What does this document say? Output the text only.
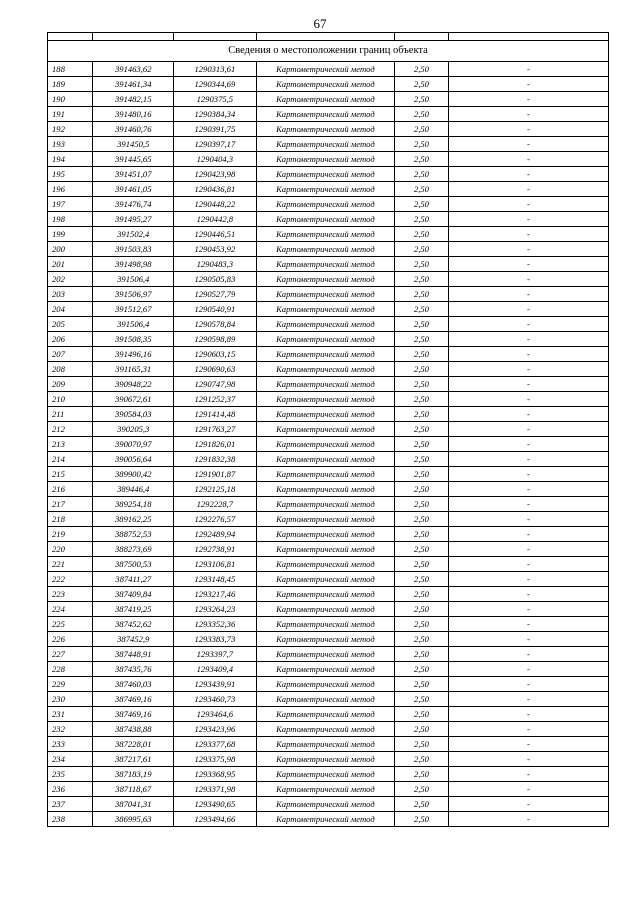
67

Сведения о местоположении границ объекта					
188	391463,62	1290313,61	Картометрический метод	2,50	-
189	391461,34	1290344,69	Картометрический метод	2,50	-
190	391482,15	1290375,5	Картометрический метод	2,50	-
191	391480,16	1290384,34	Картометрический метод	2,50	-
192	391460,76	1290391,75	Картометрический метод	2,50	-
193	391450,5	1290397,17	Картометрический метод	2,50	-
194	391445,65	1290404,3	Картометрический метод	2,50	-
195	391451,07	1290423,98	Картометрический метод	2,50	-
196	391461,05	1290436,81	Картометрический метод	2,50	-
197	391476,74	1290448,22	Картометрический метод	2,50	-
198	391495,27	1290442,8	Картометрический метод	2,50	-
199	391502,4	1290446,51	Картометрический метод	2,50	-
200	391503,83	1290453,92	Картометрический метод	2,50	-
201	391498,98	1290483,3	Картометрический метод	2,50	-
202	391506,4	1290505,83	Картометрический метод	2,50	-
203	391506,97	1290527,79	Картометрический метод	2,50	-
204	391512,67	1290540,91	Картометрический метод	2,50	-
205	391506,4	1290578,84	Картометрический метод	2,50	-
206	391508,35	1290598,89	Картометрический метод	2,50	-
207	391496,16	1290603,15	Картометрический метод	2,50	-
208	391165,31	1290690,63	Картометрический метод	2,50	-
209	390948,22	1290747,98	Картометрический метод	2,50	-
210	390672,61	1291252,37	Картометрический метод	2,50	-
211	390584,03	1291414,48	Картометрический метод	2,50	-
212	390205,3	1291763,27	Картометрический метод	2,50	-
213	390070,97	1291826,01	Картометрический метод	2,50	-
214	390056,64	1291832,38	Картометрический метод	2,50	-
215	389900,42	1291901,87	Картометрический метод	2,50	-
216	389446,4	1292125,18	Картометрический метод	2,50	-
217	389254,18	1292228,7	Картометрический метод	2,50	-
218	389162,25	1292276,57	Картометрический метод	2,50	-
219	388752,53	1292489,94	Картометрический метод	2,50	-
220	388273,69	1292738,91	Картометрический метод	2,50	-
221	387500,53	1293106,81	Картометрический метод	2,50	-
222	387411,27	1293148,45	Картометрический метод	2,50	-
223	387409,84	1293217,46	Картометрический метод	2,50	-
224	387419,25	1293264,23	Картометрический метод	2,50	-
225	387452,62	1293352,36	Картометрический метод	2,50	-
226	387452,9	1293383,73	Картометрический метод	2,50	-
227	387448,91	1293397,7	Картометрический метод	2,50	-
228	387435,76	1293409,4	Картометрический метод	2,50	-
229	387460,03	1293439,91	Картометрический метод	2,50	-
230	387469,16	1293460,73	Картометрический метод	2,50	-
231	387469,16	1293464,6	Картометрический метод	2,50	-
232	387438,88	1293423,96	Картометрический метод	2,50	-
233	387228,01	1293377,68	Картометрический метод	2,50	-
234	387217,61	1293375,98	Картометрический метод	2,50	-
235	387183,19	1293368,95	Картометрический метод	2,50	-
236	387118,67	1293371,98	Картометрический метод	2,50	-
237	387041,31	1293490,65	Картометрический метод	2,50	-
238	386995,63	1293494,66	Картометрический метод	2,50	-
